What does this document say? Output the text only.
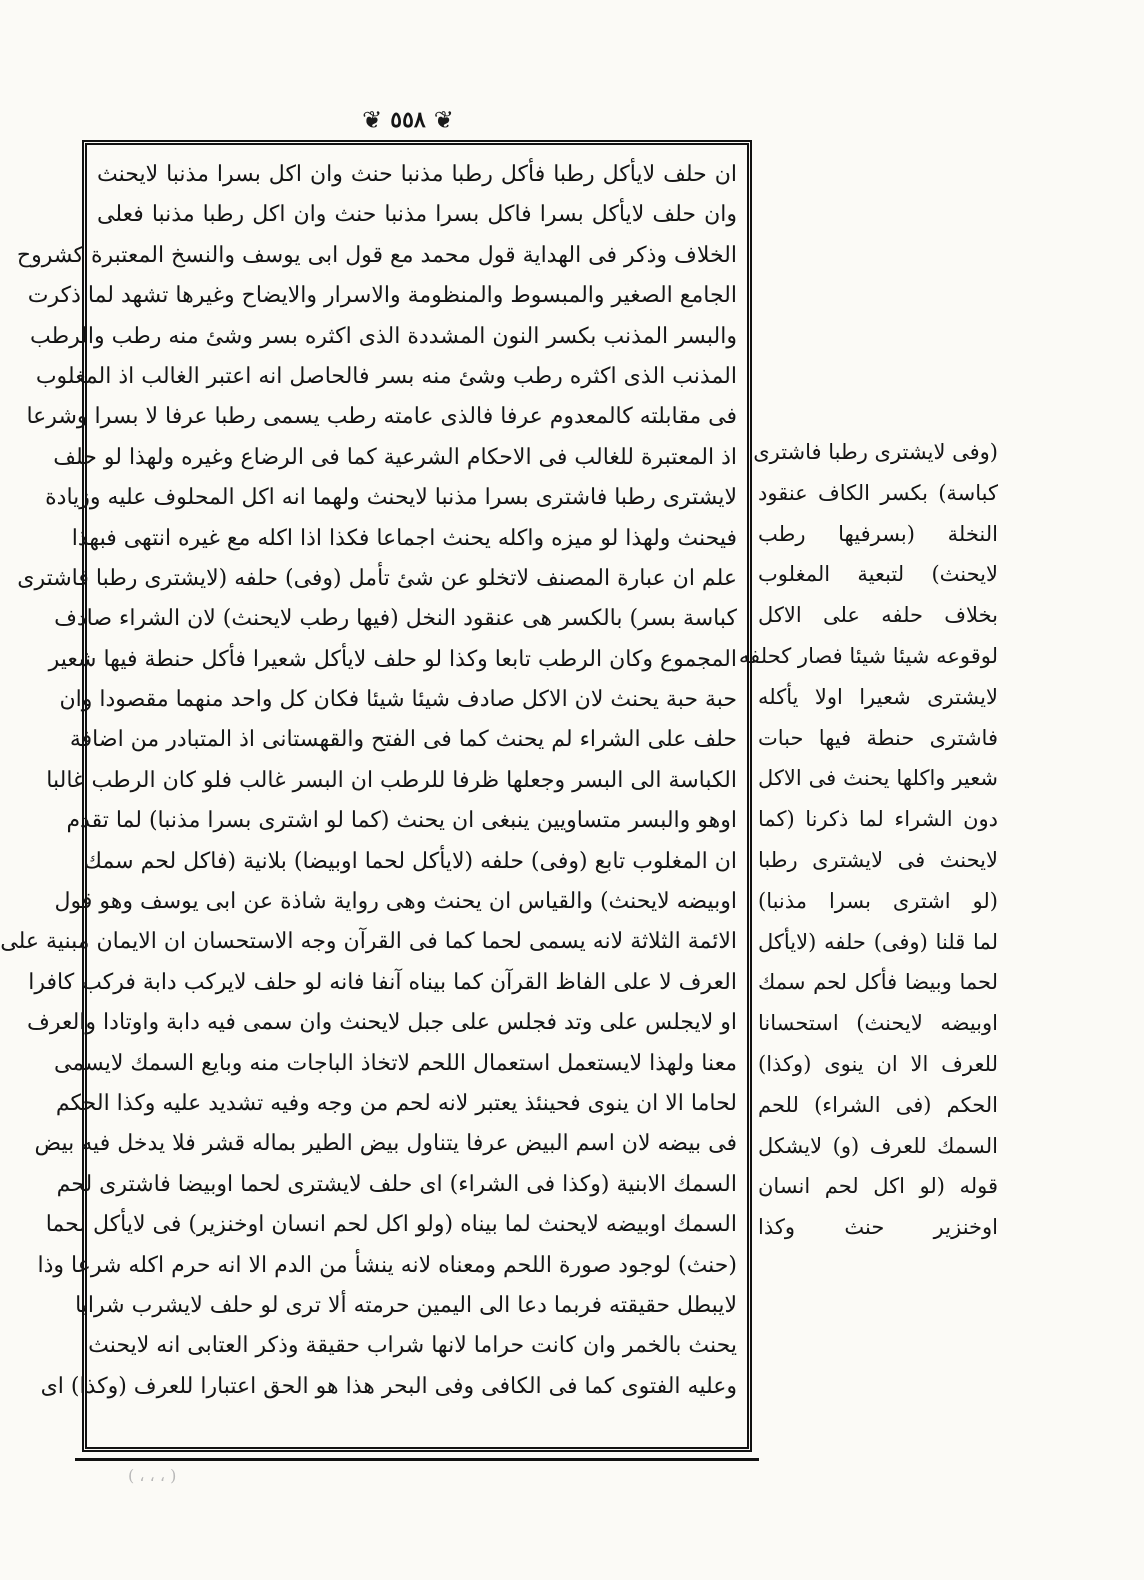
❦ ٥٥٨ ❦
ان حلف لايأكل رطبا فأكل رطبا مذنبا حنث وان اكل بسرا مذنبا لايحنث
وان حلف لايأكل بسرا فاكل بسرا مذنبا حنث وان اكل رطبا مذنبا فعلى
الخلاف وذكر فى الهداية قول محمد مع قول ابى يوسف والنسخ المعتبرة كشروح
الجامع الصغير والمبسوط والمنظومة والاسرار والايضاح وغيرها تشهد لما ذكرت
والبسر المذنب بكسر النون المشددة الذى اكثره بسر وشئ منه رطب والرطب
المذنب الذى اكثره رطب وشئ منه بسر فالحاصل انه اعتبر الغالب اذ المغلوب
فى مقابلته كالمعدوم عرفا فالذى عامته رطب يسمى رطبا عرفا لا بسرا وشرعا
اذ المعتبرة للغالب فى الاحكام الشرعية كما فى الرضاع وغيره ولهذا لو حلف
لايشترى رطبا فاشترى بسرا مذنبا لايحنث ولهما انه اكل المحلوف عليه وزيادة
فيحنث ولهذا لو ميزه واكله يحنث اجماعا فكذا اذا اكله مع غيره انتهى فبهذا
علم ان عبارة المصنف لاتخلو عن شئ تأمل (وفى) حلفه (لايشترى رطبا فاشترى
كباسة بسر) بالكسر هى عنقود النخل (فيها رطب لايحنث) لان الشراء صادف
المجموع وكان الرطب تابعا وكذا لو حلف لايأكل شعيرا فأكل حنطة فيها شعير
حبة حبة يحنث لان الاكل صادف شيئا شيئا فكان كل واحد منهما مقصودا وان
حلف على الشراء لم يحنث كما فى الفتح والقهستانى اذ المتبادر من اضافة
الكباسة الى البسر وجعلها ظرفا للرطب ان البسر غالب فلو كان الرطب غالبا
اوهو والبسر متساويين ينبغى ان يحنث (كما لو اشترى بسرا مذنبا) لما تقدم
ان المغلوب تابع (وفى) حلفه (لايأكل لحما اوبيضا) بلانية (فاكل لحم سمك
اوبيضه لايحنث) والقياس ان يحنث وهى رواية شاذة عن ابى يوسف وهو قول
الائمة الثلاثة لانه يسمى لحما كما فى القرآن وجه الاستحسان ان الايمان مبنية على
العرف لا على الفاظ القرآن كما بيناه آنفا فانه لو حلف لايركب دابة فركب كافرا
او لايجلس على وتد فجلس على جبل لايحنث وان سمى فيه دابة واوتادا والعرف
معنا ولهذا لايستعمل استعمال اللحم لاتخاذ الباجات منه وبايع السمك لايسمى
لحاما الا ان ينوى فحينئذ يعتبر لانه لحم من وجه وفيه تشديد عليه وكذا الحكم
فى بيضه لان اسم البيض عرفا يتناول بيض الطير بماله قشر فلا يدخل فيه بيض
السمك الابنية (وكذا فى الشراء) اى حلف لايشترى لحما اوبيضا فاشترى لحم
السمك اوبيضه لايحنث لما بيناه (ولو اكل لحم انسان اوخنزير) فى لايأكل لحما
(حنث) لوجود صورة اللحم ومعناه لانه ينشأ من الدم الا انه حرم اكله شرعا وذا
لايبطل حقيقته فربما دعا الى اليمين حرمته ألا ترى لو حلف لايشرب شرابا
يحنث بالخمر وان كانت حراما لانها شراب حقيقة وذكر العتابى انه لايحنث
وعليه الفتوى كما فى الكافى وفى البحر هذا هو الحق اعتبارا للعرف (وكذا) اى
(وفى لايشترى رطبا فاشترى
كباسة) بكسر الكاف عنقود
النخلة (بسرفيها رطب
لايحنث) لتبعية المغلوب
بخلاف حلفه على الاكل
لوقوعه شيئا شيئا فصار كحلفه
لايشترى شعيرا اولا يأكله
فاشترى حنطة فيها حبات
شعير واكلها يحنث فى الاكل
دون الشراء لما ذكرنا (كما
لايحنث فى لايشترى رطبا
(لو اشترى بسرا مذنبا)
لما قلنا (وفى) حلفه (لايأكل
لحما وبيضا فأكل لحم سمك
اوبيضه لايحنث) استحسانا
للعرف الا ان ينوى (وكذا)
الحكم (فى الشراء) للحم
السمك للعرف (و) لايشكل
قوله (لو اكل لحم انسان
اوخنزير حنث وكذا
( ، ، ، )
